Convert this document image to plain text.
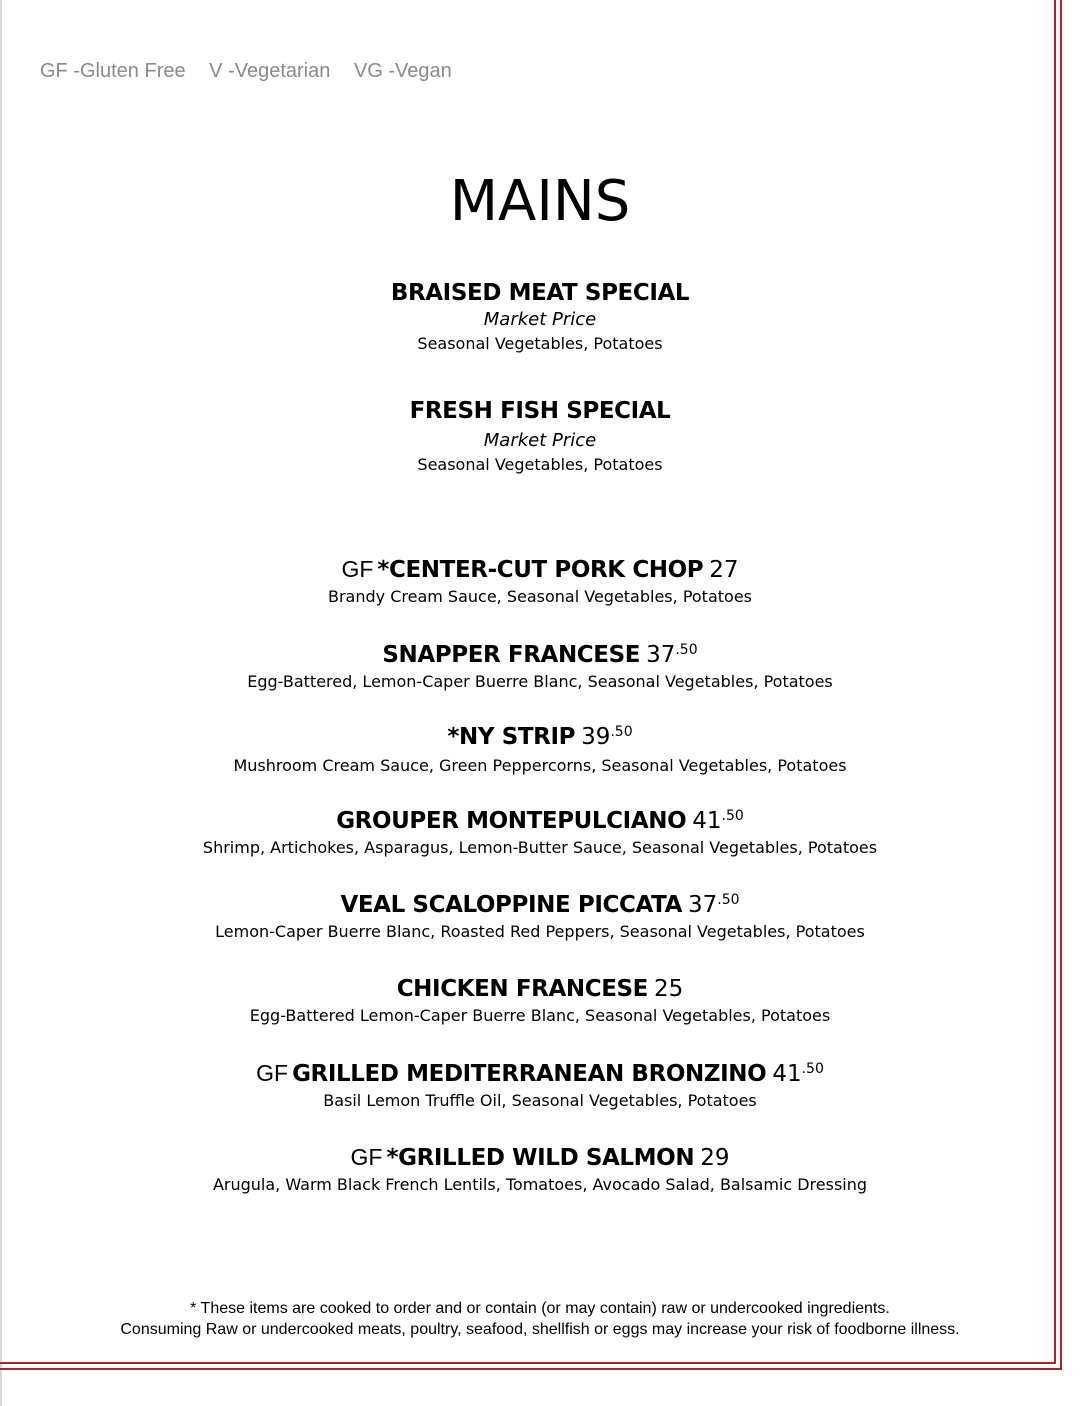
GF -Gluten Free V -Vegetarian VG -Vegan
MAINS
BRAISED MEAT SPECIAL
Market Price
Seasonal Vegetables, Potatoes
FRESH FISH SPECIAL
Market Price
Seasonal Vegetables, Potatoes
GF *CENTER-CUT PORK CHOP 27
Brandy Cream Sauce, Seasonal Vegetables, Potatoes
SNAPPER FRANCESE $37^{.50}$
Egg-Battered, Lemon-Caper Buerre Blanc, Seasonal Vegetables, Potatoes
*NY STRIP $39^{.50}$
Mushroom Cream Sauce, Green Peppercorns, Seasonal Vegetables, Potatoes
GROUPER MONTEPULCIANO $41^{.50}$
Shrimp, Artichokes, Asparagus, Lemon-Butter Sauce, Seasonal Vegetables, Potatoes
VEAL SCALOPPINE PICCATA $37^{.50}$
Lemon-Caper Buerre Blanc, Roasted Red Peppers, Seasonal Vegetables, Potatoes
CHICKEN FRANCESE 25
Egg-Battered Lemon-Caper Buerre Blanc, Seasonal Vegetables, Potatoes
GF GRILLED MEDITERRANEAN BRONZINO $41^{.50}$
Basil Lemon Truffle Oil, Seasonal Vegetables, Potatoes
GF *GRILLED WILD SALMON 29
Arugula, Warm Black French Lentils, Tomatoes, Avocado Salad, Balsamic Dressing
* These items are cooked to order and or contain (or may contain) raw or undercooked ingredients.
Consuming Raw or undercooked meats, poultry, seafood, shellfish or eggs may increase your risk of foodborne illness.
